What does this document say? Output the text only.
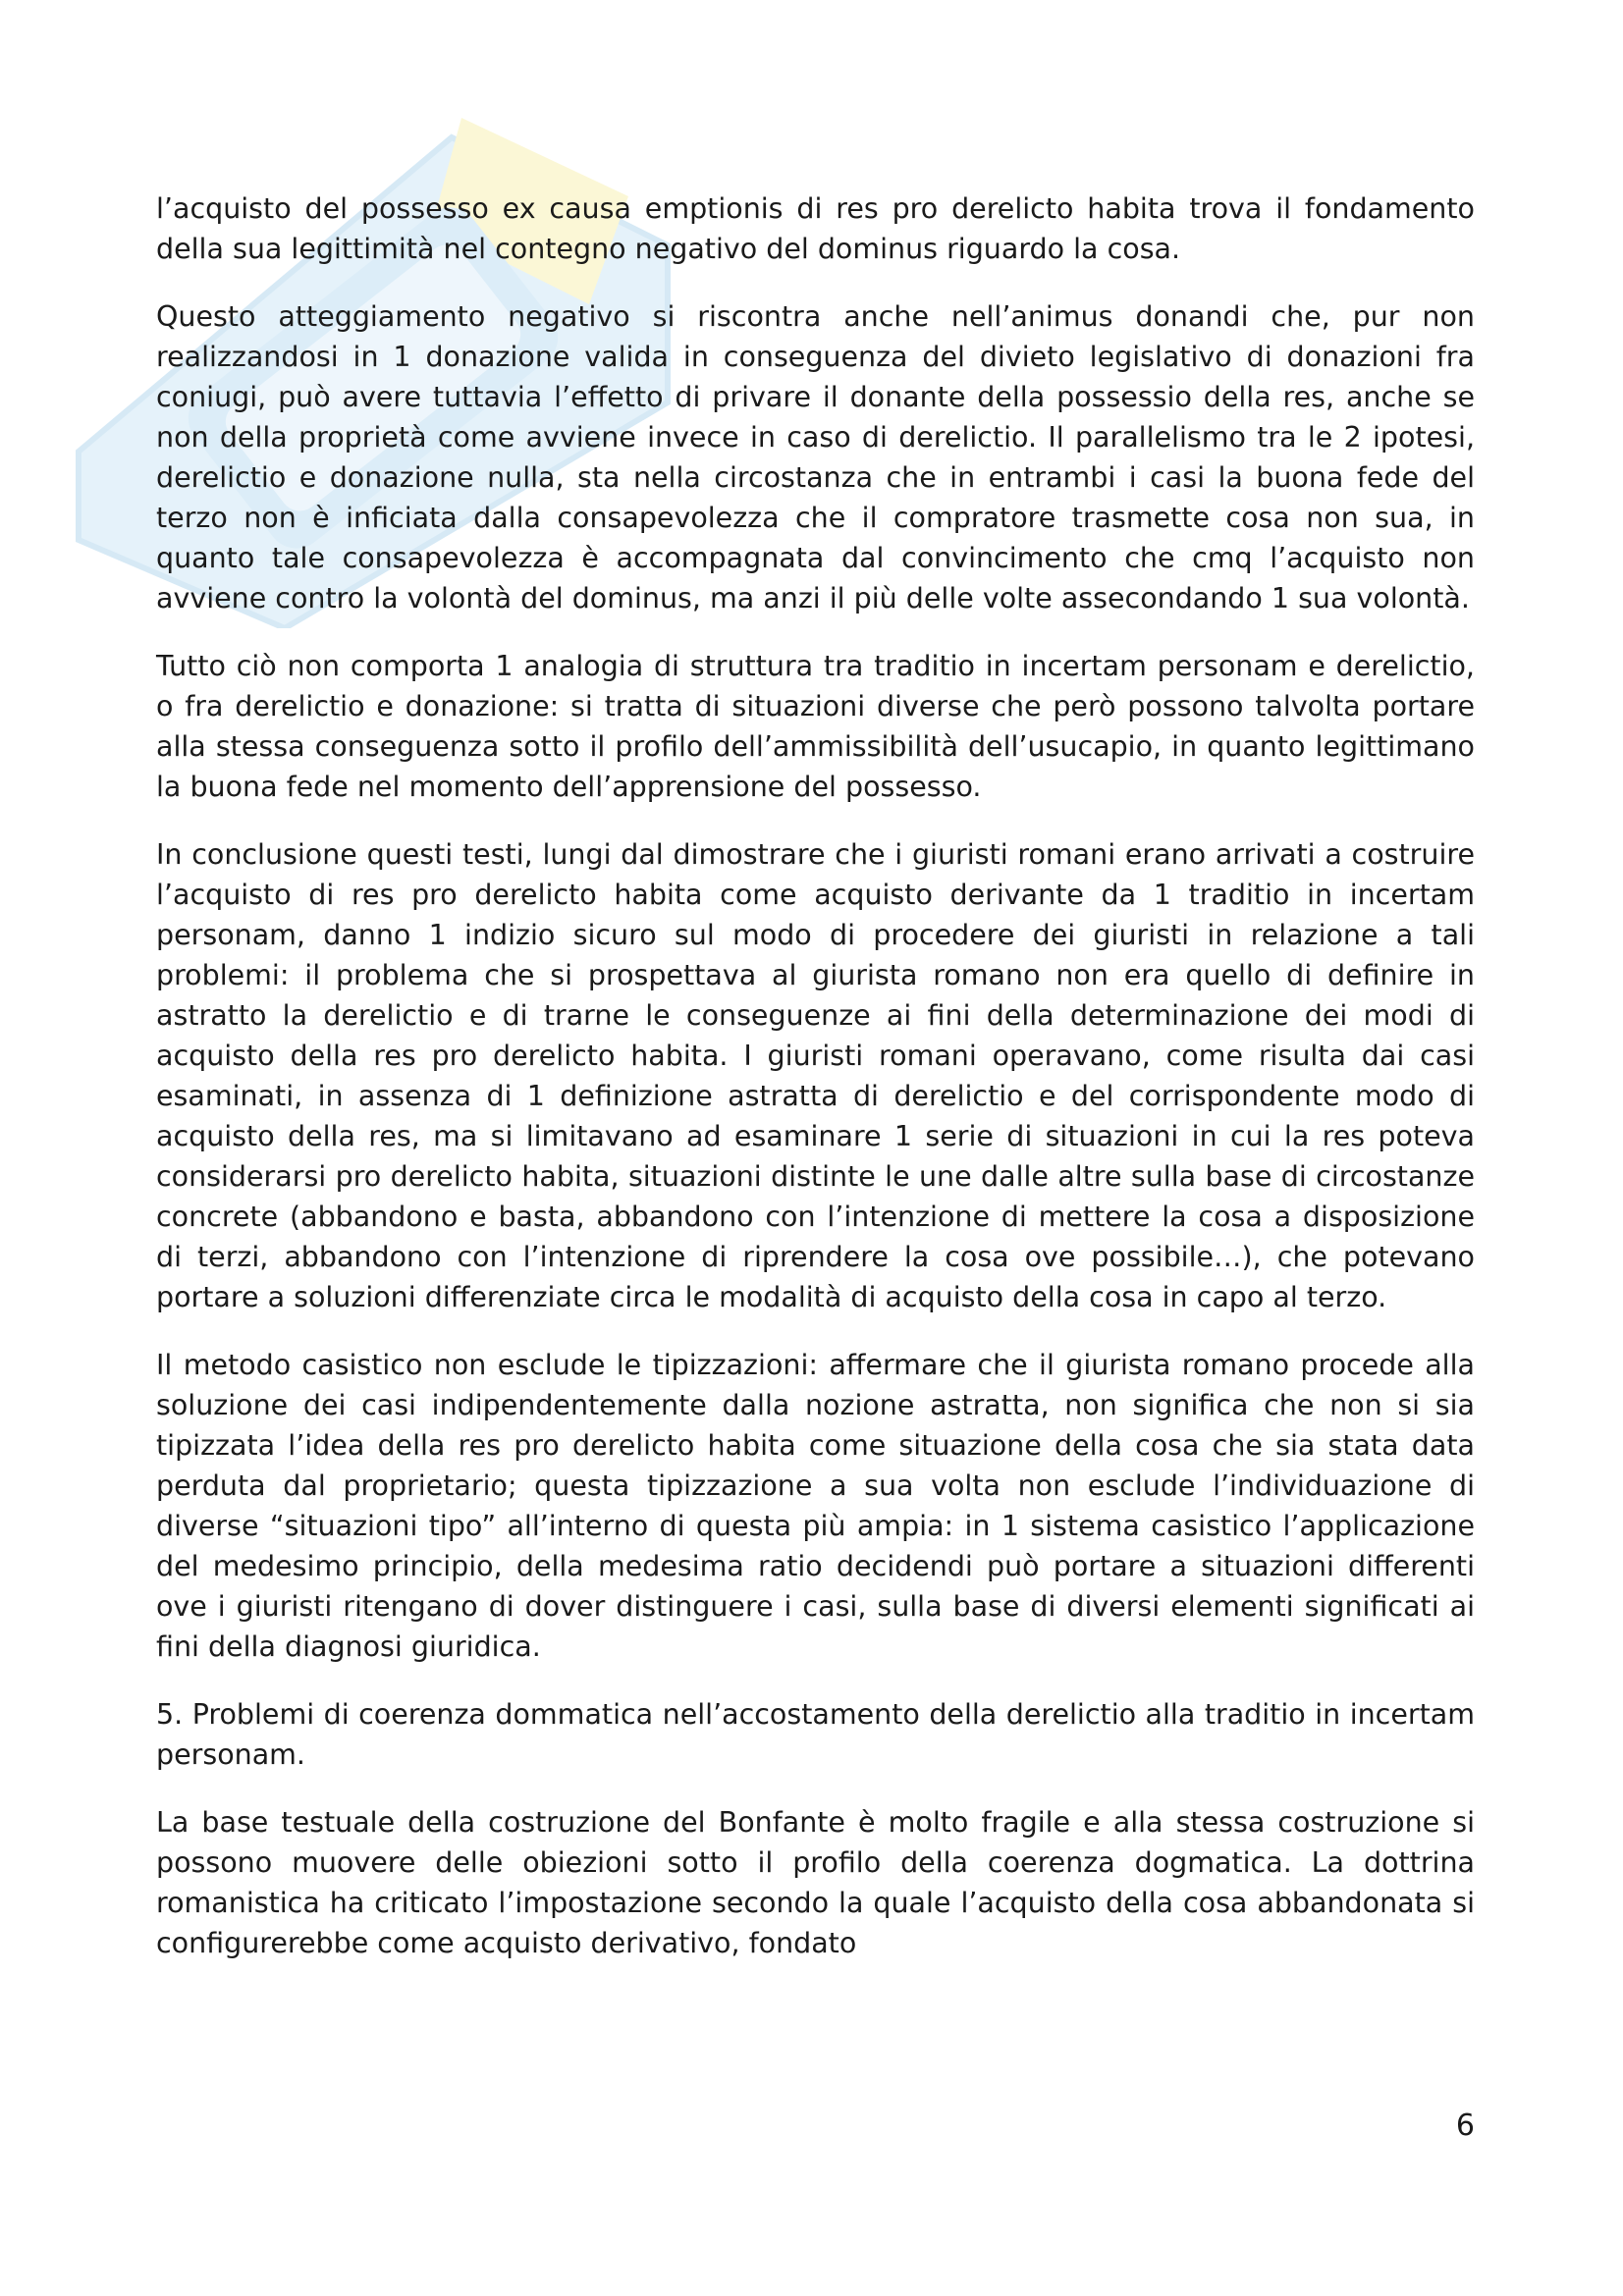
l’acquisto del possesso ex causa emptionis di res pro derelicto habita trova il fondamento della sua legittimità nel contegno negativo del dominus riguardo la cosa.

Questo atteggiamento negativo si riscontra anche nell’animus donandi che, pur non realizzandosi in 1 donazione valida in conseguenza del divieto legislativo di donazioni fra coniugi, può avere tuttavia l’effetto di privare il donante della possessio della res, anche se non della proprietà come avviene invece in caso di derelictio. Il parallelismo tra le 2 ipotesi, derelictio e donazione nulla, sta nella circostanza che in entrambi i casi la buona fede del terzo non è inficiata dalla consapevolezza che il compratore trasmette cosa non sua, in quanto tale consapevolezza è accompagnata dal convincimento che cmq l’acquisto non avviene contro la volontà del dominus, ma anzi il più delle volte assecondando 1 sua volontà.

Tutto ciò non comporta 1 analogia di struttura tra traditio in incertam personam e derelictio, o fra derelictio e donazione: si tratta di situazioni diverse che però possono talvolta portare alla stessa conseguenza sotto il profilo dell’ammissibilità dell’usucapio, in quanto legittimano la buona fede nel momento dell’apprensione del possesso.

In conclusione questi testi, lungi dal dimostrare che i giuristi romani erano arrivati a costruire l’acquisto di res pro derelicto habita come acquisto derivante da 1 traditio in incertam personam, danno 1 indizio sicuro sul modo di procedere dei giuristi in relazione a tali problemi: il problema che si prospettava al giurista romano non era quello di definire in astratto la derelictio e di trarne le conseguenze ai fini della determinazione dei modi di acquisto della res pro derelicto habita. I giuristi romani operavano, come risulta dai casi esaminati, in assenza di 1 definizione astratta di derelictio e del corrispondente modo di acquisto della res, ma si limitavano ad esaminare 1 serie di situazioni in cui la res poteva considerarsi pro derelicto habita, situazioni distinte le une dalle altre sulla base di circostanze concrete (abbandono e basta, abbandono con l’intenzione di mettere la cosa a disposizione di terzi, abbandono con l’intenzione di riprendere la cosa ove possibile…), che potevano portare a soluzioni differenziate circa le modalità di acquisto della cosa in capo al terzo.

Il metodo casistico non esclude le tipizzazioni: affermare che il giurista romano procede alla soluzione dei casi indipendentemente dalla nozione astratta, non significa che non si sia tipizzata l’idea della res pro derelicto habita come situazione della cosa che sia stata data perduta dal proprietario; questa tipizzazione a sua volta non esclude l’individuazione di diverse “situazioni tipo” all’interno di questa più ampia: in 1 sistema casistico l’applicazione del medesimo principio, della medesima ratio decidendi può portare a situazioni differenti ove i giuristi ritengano di dover distinguere i casi, sulla base di diversi elementi significati ai fini della diagnosi giuridica.

5. Problemi di coerenza dommatica nell’accostamento della derelictio alla traditio in incertam personam.

La base testuale della costruzione del Bonfante è molto fragile e alla stessa costruzione si possono muovere delle obiezioni sotto il profilo della coerenza dogmatica. La dottrina romanistica ha criticato l’impostazione secondo la quale l’acquisto della cosa abbandonata si configurerebbe come acquisto derivativo, fondato

6
